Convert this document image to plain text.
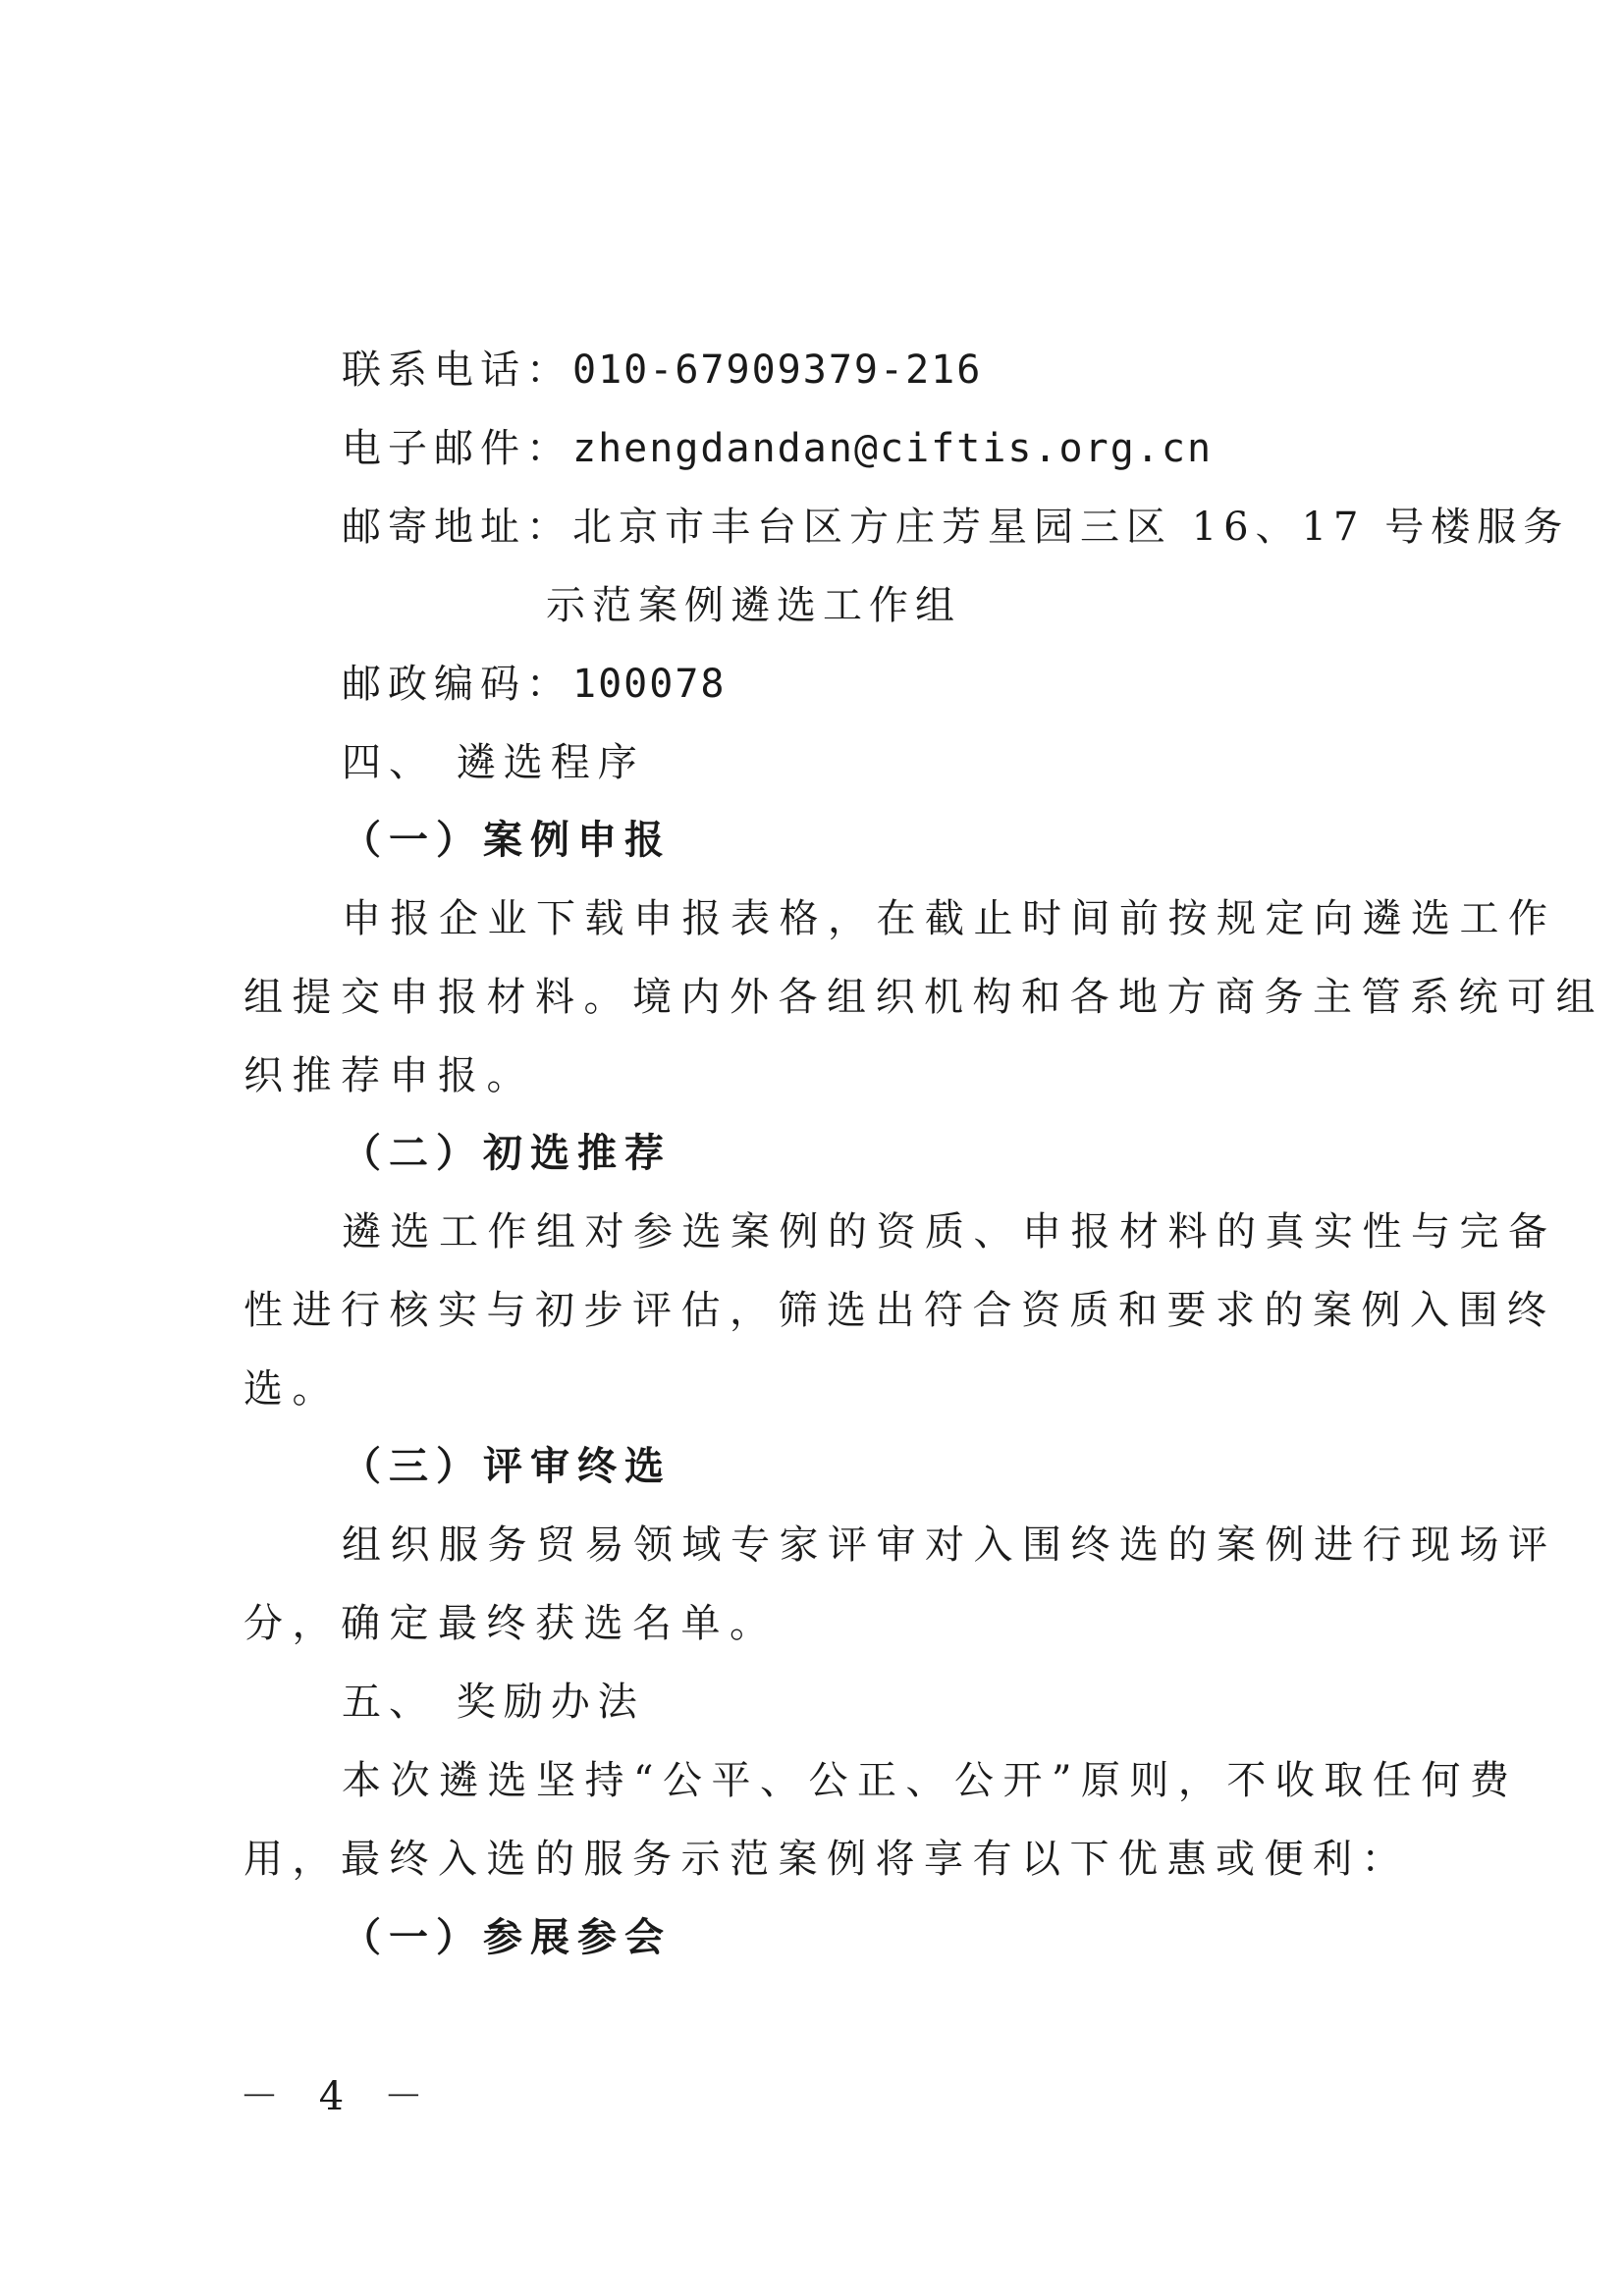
联系电话：010-67909379-216
电子邮件：zhengdandan@ciftis.org.cn
邮寄地址：北京市丰台区方庄芳星园三区 16、17 号楼服务
示范案例遴选工作组
邮政编码：100078
四、 遴选程序
（一）案例申报
申报企业下载申报表格，在截止时间前按规定向遴选工作
组提交申报材料。境内外各组织机构和各地方商务主管系统可组
织推荐申报。
（二）初选推荐
遴选工作组对参选案例的资质、申报材料的真实性与完备
性进行核实与初步评估，筛选出符合资质和要求的案例入围终
选。
（三）评审终选
组织服务贸易领域专家评审对入围终选的案例进行现场评
分，确定最终获选名单。
五、 奖励办法
本次遴选坚持“公平、公正、公开”原则，不收取任何费
用，最终入选的服务示范案例将享有以下优惠或便利：
（一）参展参会
－ 4 －
